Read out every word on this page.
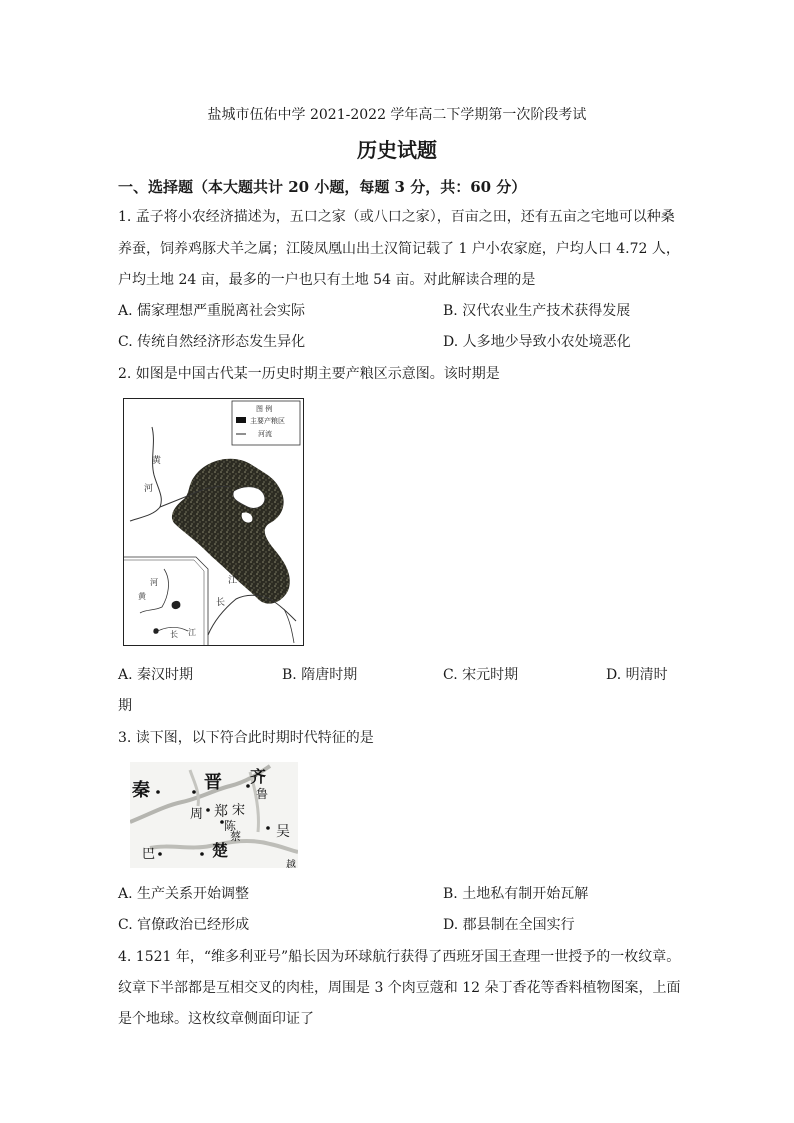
盐城市伍佑中学 2021-2022 学年高二下学期第一次阶段考试
历史试题
一、选择题（本大题共计 20 小题，每题 3 分，共：60 分）
1. 孟子将小农经济描述为，五口之家（或八口之家），百亩之田，还有五亩之宅地可以种桑
养蚕，饲养鸡豚犬羊之属；江陵凤凰山出土汉简记载了 1 户小农家庭，户均人口 4.72 人，
户均土地 24 亩，最多的一户也只有土地 54 亩。对此解读合理的是
A. 儒家理想严重脱离社会实际	B. 汉代农业生产技术获得发展
C. 传统自然经济形态发生异化	D. 人多地少导致小农处境恶化
2. 如图是中国古代某一历史时期主要产粮区示意图。该时期是
图 例
主要产粮区
河流
黄
河
江
长
河
黄
长 江
A. 秦汉时期	B. 隋唐时期	C. 宋元时期	D. 明清时
期
3. 读下图，以下符合此时期时代特征的是
秦	晋 齐
鲁
宋
郑
周
陈
蔡
楚
吴
巴
越
A. 生产关系开始调整	B. 土地私有制开始瓦解
C. 官僚政治已经形成	D. 郡县制在全国实行
4. 1521 年，“维多利亚号”船长因为环球航行获得了西班牙国王查理一世授予的一枚纹章。
纹章下半部都是互相交叉的肉桂，周围是 3 个肉豆蔻和 12 朵丁香花等香料植物图案，上面
是个地球。这枚纹章侧面印证了
